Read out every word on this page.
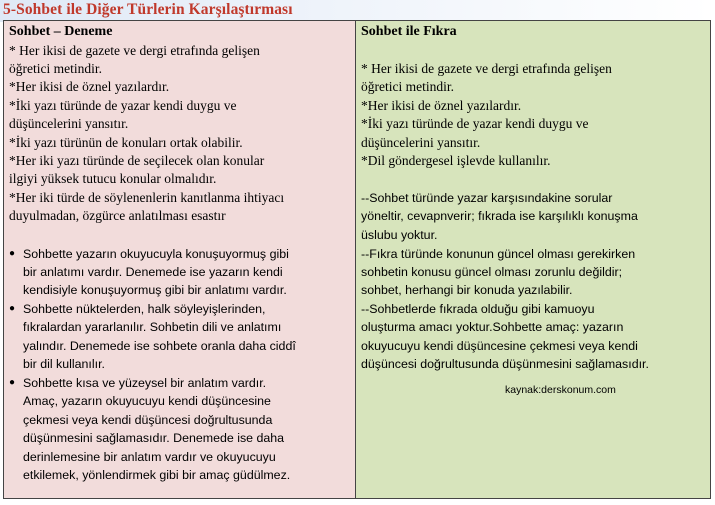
5-Sohbet ile Diğer Türlerin Karşılaştırması
Sohbet – Deneme

* Her ikisi de gazete ve dergi etrafında gelişen

öğretici metindir.

*Her ikisi de öznel yazılardır.

*İki yazı türünde de yazar kendi duygu ve

düşüncelerini yansıtır.

*İki yazı türünün de konuları ortak olabilir.

*Her iki yazı türünde de seçilecek olan konular

ilgiyi yüksek tutucu konular olmalıdır.

*Her iki türde de söylenenlerin kanıtlanma ihtiyacı

duyulmadan, özgürce anlatılması esastır

● Sohbette yazarın okuyucuyla konuşuyormuş gibi

bir anlatımı vardır. Denemede ise yazarın kendi

kendisiyle konuşuyormuş gibi bir anlatımı vardır.

● Sohbette nüktelerden, halk söyleyişlerinden,

fıkralardan yararlanılır. Sohbetin dili ve anlatımı

yalındır. Denemede ise sohbete oranla daha ciddî

bir dil kullanılır.

● Sohbette kısa ve yüzeysel bir anlatım vardır.

Amaç, yazarın okuyucuyu kendi düşüncesine

çekmesi veya kendi düşüncesi doğrultusunda

düşünmesini sağlamasıdır. Denemede ise daha

derinlemesine bir anlatım vardır ve okuyucuyu

etkilemek, yönlendirmek gibi bir amaç güdülmez.

Sohbet ile Fıkra

* Her ikisi de gazete ve dergi etrafında gelişen

öğretici metindir.

*Her ikisi de öznel yazılardır.

*İki yazı türünde de yazar kendi duygu ve

düşüncelerini yansıtır.

*Dil göndergesel işlevde kullanılır.

--Sohbet türünde yazar karşısındakine sorular

yöneltir, cevapnverir; fıkrada ise karşılıklı konuşma

üslubu yoktur.

--Fıkra türünde konunun güncel olması gerekirken

sohbetin konusu güncel olması zorunlu değildir;

sohbet, herhangi bir konuda yazılabilir.

--Sohbetlerde fıkrada olduğu gibi kamuoyu

oluşturma amacı yoktur.Sohbette amaç: yazarın

okuyucuyu kendi düşüncesine çekmesi veya kendi

düşüncesi doğrultusunda düşünmesini sağlamasıdır.

kaynak:derskonum.com
